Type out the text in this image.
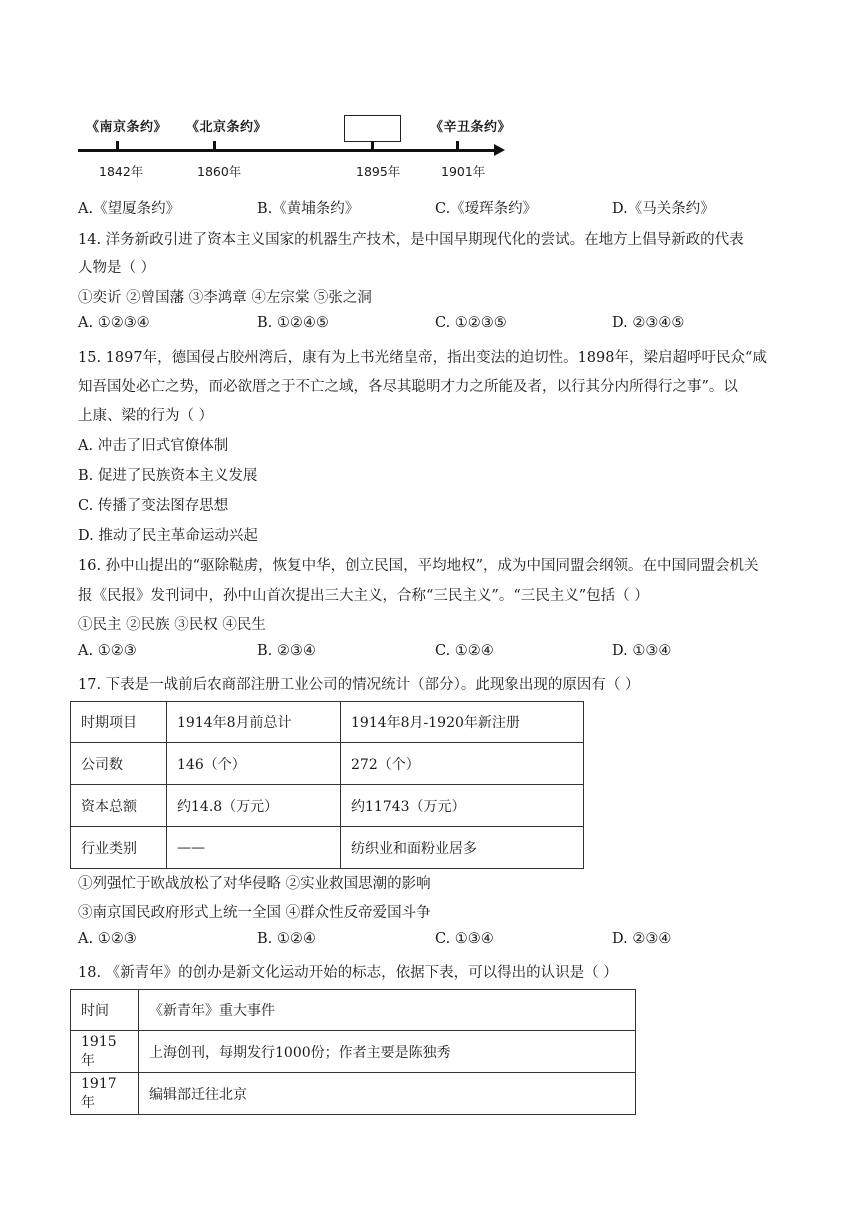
《南京条约》 《北京条约》	《辛丑条约》
1842年	1860年	1895年	1901年
A.《望厦条约》	B.《黄埔条约》	C.《瑷珲条约》	D.《马关条约》
14. 洋务新政引进了资本主义国家的机器生产技术，是中国早期现代化的尝试。在地方上倡导新政的代表
人物是（ ）
①奕䜣 ②曾国藩 ③李鸿章 ④左宗棠 ⑤张之洞
A. ①②③④	B. ①②④⑤	C. ①②③⑤	D. ②③④⑤
15. 1897年，德国侵占胶州湾后，康有为上书光绪皇帝，指出变法的迫切性。1898年，梁启超呼吁民众“咸
知吾国处必亡之势，而必欲厝之于不亡之域，各尽其聪明才力之所能及者，以行其分内所得行之事”。以
上康、梁的行为（ ）
A. 冲击了旧式官僚体制
B. 促进了民族资本主义发展
C. 传播了变法图存思想
D. 推动了民主革命运动兴起
16. 孙中山提出的“驱除鞑虏，恢复中华，创立民国，平均地权”，成为中国同盟会纲领。在中国同盟会机关
报《民报》发刊词中，孙中山首次提出三大主义，合称“三民主义”。“三民主义”包括（ ）
①民主 ②民族 ③民权 ④民生
A. ①②③	B. ②③④	C. ①②④	D. ①③④
17. 下表是一战前后农商部注册工业公司的情况统计（部分）。此现象出现的原因有（ ）
时期项目	1914年8月前总计	1914年8月-1920年新注册
公司数	146（个）	272（个）
资本总额	约14.8（万元）	约11743（万元）
行业类别	——	纺织业和面粉业居多
①列强忙于欧战放松了对华侵略 ②实业救国思潮的影响
③南京国民政府形式上统一全国 ④群众性反帝爱国斗争
A. ①②③	B. ①②④	C. ①③④	D. ②③④
18. 《新青年》的创办是新文化运动开始的标志，依据下表，可以得出的认识是（ ）
时间	《新青年》重大事件
1915年	上海创刊，每期发行1000份；作者主要是陈独秀
1917年	编辑部迁往北京
